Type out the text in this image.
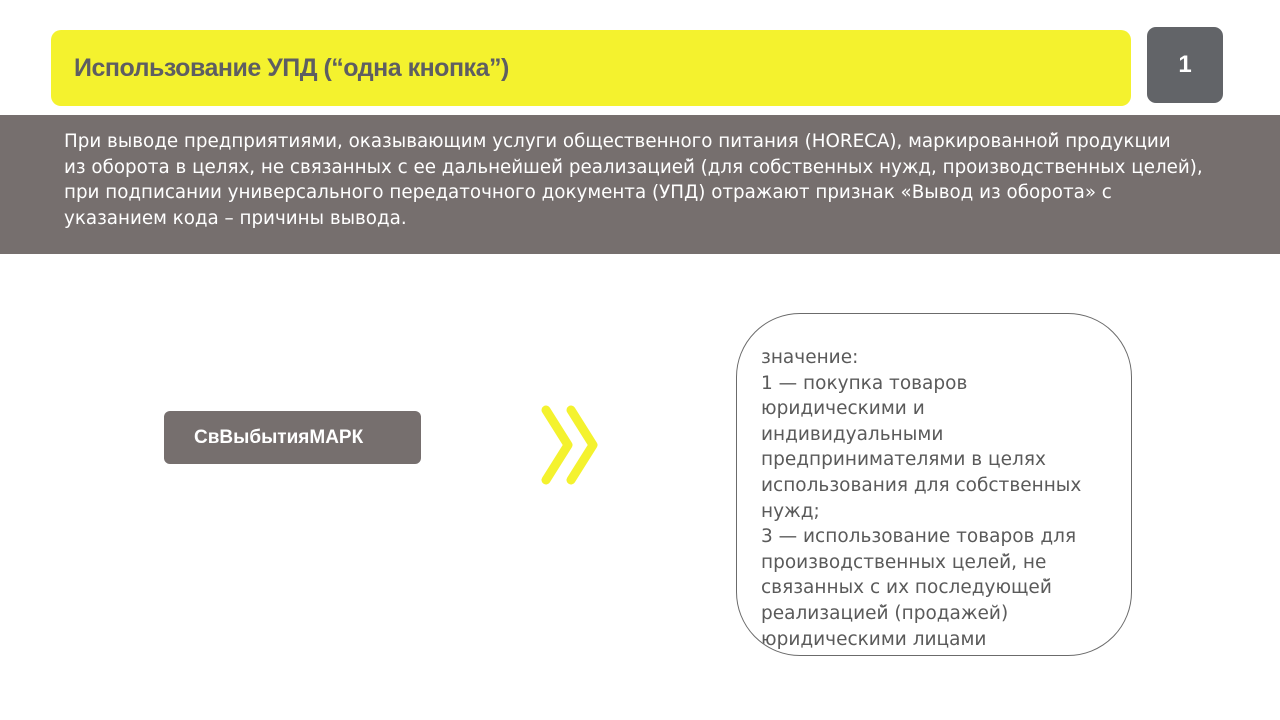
Использование УПД (“одна кнопка”)	1
При выводе предприятиями, оказывающим услуги общественного питания (HORECA), маркированной̆ продукции
из оборота в целях, не связанных с ее дальнейшей̆ реализацией̆ (для собственных нужд, производственных целей),
при подписании универсального передаточного документа (УПД) отражают признак «Вывод из оборота» с
указанием кода – причины вывода.
СвВыбытияМАРК
значение:
1 — покупка товаров
юридическими и
индивидуальными
предпринимателями в целях
использования для собственных
нужд;
3 — использование товаров для
производственных целей̆, не
связанных с их последующей̆
реализацией̆ (продажей)
юридическими лицами
